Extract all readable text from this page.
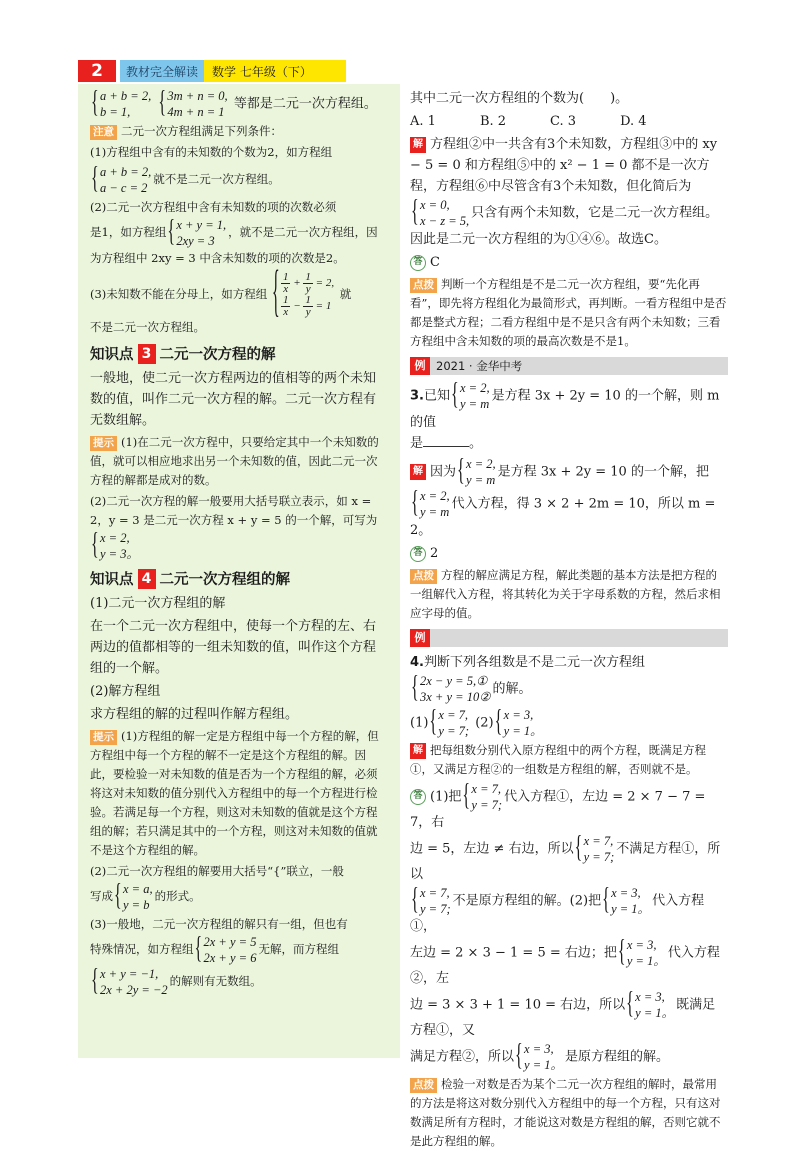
2	教材完全解读	数学 七年级（下）
{ a + b = 2,
b = 1, { 3m + n = 0,
4m + n = 1 等都是二元一次方程组。
注意 二元一次方程组满足下列条件：
(1)方程组中含有的未知数的个数为2，如方程组
{ a + b = 2,
a − c = 2就不是二元一次方程组。
(2)二元一次方程组中含有未知数的项的次数必须
是1，如方程组 { x + y = 1,
2xy = 3，就不是二元一次方程组，因
为方程组中 2xy = 3 中含未知数的项的次数是2。
(3)未知数不能在分母上，如方程组 { $\frac{1}{x} + \frac{1}{y} = 2$,

$\frac{1}{x} - \frac{1}{y} = 1$ 就
不是二元一次方程组。
知识点 3 二元一次方程的解
一般地，使二元一次方程两边的值相等的两个未知数的值，叫作二元一次方程的解。二元一次方程有无数组解。
提示 (1)在二元一次方程中，只要给定其中一个未知数的值，就可以相应地求出另一个未知数的值，因此二元一次方程的解都是成对的数。
(2)二元一次方程的解一般要用大括号联立表示，如 x = 2，y = 3 是二元一次方程 x + y = 5 的一个解，可写为{ x = 2,
y = 3。
知识点 4 二元一次方程组的解
(1)二元一次方程组的解
在一个二元一次方程组中，使每一个方程的左、右两边的值都相等的一组未知数的值，叫作这个方程组的一个解。
(2)解方程组
求方程组的解的过程叫作解方程组。
提示 (1)方程组的解一定是方程组中每一个方程的解，但方程组中每一个方程的解不一定是这个方程组的解。因此，要检验一对未知数的值是否为一个方程组的解，必须将这对未知数的值分别代入方程组中的每一个方程进行检验。若满足每一个方程，则这对未知数的值就是这个方程组的解；若只满足其中的一个方程，则这对未知数的值就不是这个方程组的解。
(2)二元一次方程组的解要用大括号“{”联立，一般
写成 { x = a,
y = b的形式。
(3)一般地，二元一次方程组的解只有一组，但也有
特殊情况，如方程组 { 2x + y = 5
2x + y = 6无解，而方程组
{ x + y = −1,
2x + 2y = −2的解则有无数组。
其中二元一次方程组的个数为(　　)。
A. 1	B. 2	C. 3	D. 4
解 方程组②中一共含有3个未知数，方程组③中的 xy − 5 = 0 和方程组⑤中的 x² − 1 = 0 都不是一次方程，方程组⑥中尽管含有3个未知数，但化简后为
{ x = 0,
x − z = 5,只含有两个未知数，它是二元一次方程组。因此是二元一次方程组的为①④⑥。故选C。
答 C
点拨 判断一个方程组是不是二元一次方程组，要“先化再看”，即先将方程组化为最简形式，再判断。一看方程组中是否都是整式方程；二看方程组中是不是只含有两个未知数；三看方程组中含未知数的项的最高次数是不是1。
例 2021 · 金华中考
3.已知{ x = 2,
y = m是方程 3x + 2y = 10 的一个解，则 m 的值
是	。
解 因为{ x = 2,
y = m是方程 3x + 2y = 10 的一个解，把
{ x = 2,
y = m代入方程，得 3 × 2 + 2m = 10，所以 m = 2。
答 2
点拨 方程的解应满足方程，解此类题的基本方法是把方程的一组解代入方程，将其转化为关于字母系数的方程，然后求相应字母的值。
例
4.判断下列各组数是不是二元一次方程组
{ 2x − y = 5,①
3x + y = 10②的解。
(1){ x = 7,
y = 7; (2){ x = 3,
y = 1。
解 把每组数分别代入原方程组中的两个方程，既满足方程①，又满足方程②的一组数是方程组的解，否则就不是。
答 (1)把{ x = 7,
y = 7;代入方程①，左边 = 2 × 7 − 7 = 7，右
边 = 5，左边 ≠ 右边，所以{ x = 7,
y = 7;不满足方程①，所以
{ x = 7,
y = 7;不是原方程组的解。(2)把{ x = 3,
y = 1。代入方程①，
左边 = 2 × 3 − 1 = 5 = 右边；把{ x = 3,
y = 1。代入方程②，左
边 = 3 × 3 + 1 = 10 = 右边，所以{ x = 3,
y = 1。既满足方程①，又
满足方程②，所以{ x = 3,
y = 1。是原方程组的解。
点拨 检验一对数是否为某个二元一次方程组的解时，最常用的方法是将这对数分别代入方程组中的每一个方程，只有这对数满足所有方程时，才能说这对数是方程组的解，否则它就不是此方程组的解。
